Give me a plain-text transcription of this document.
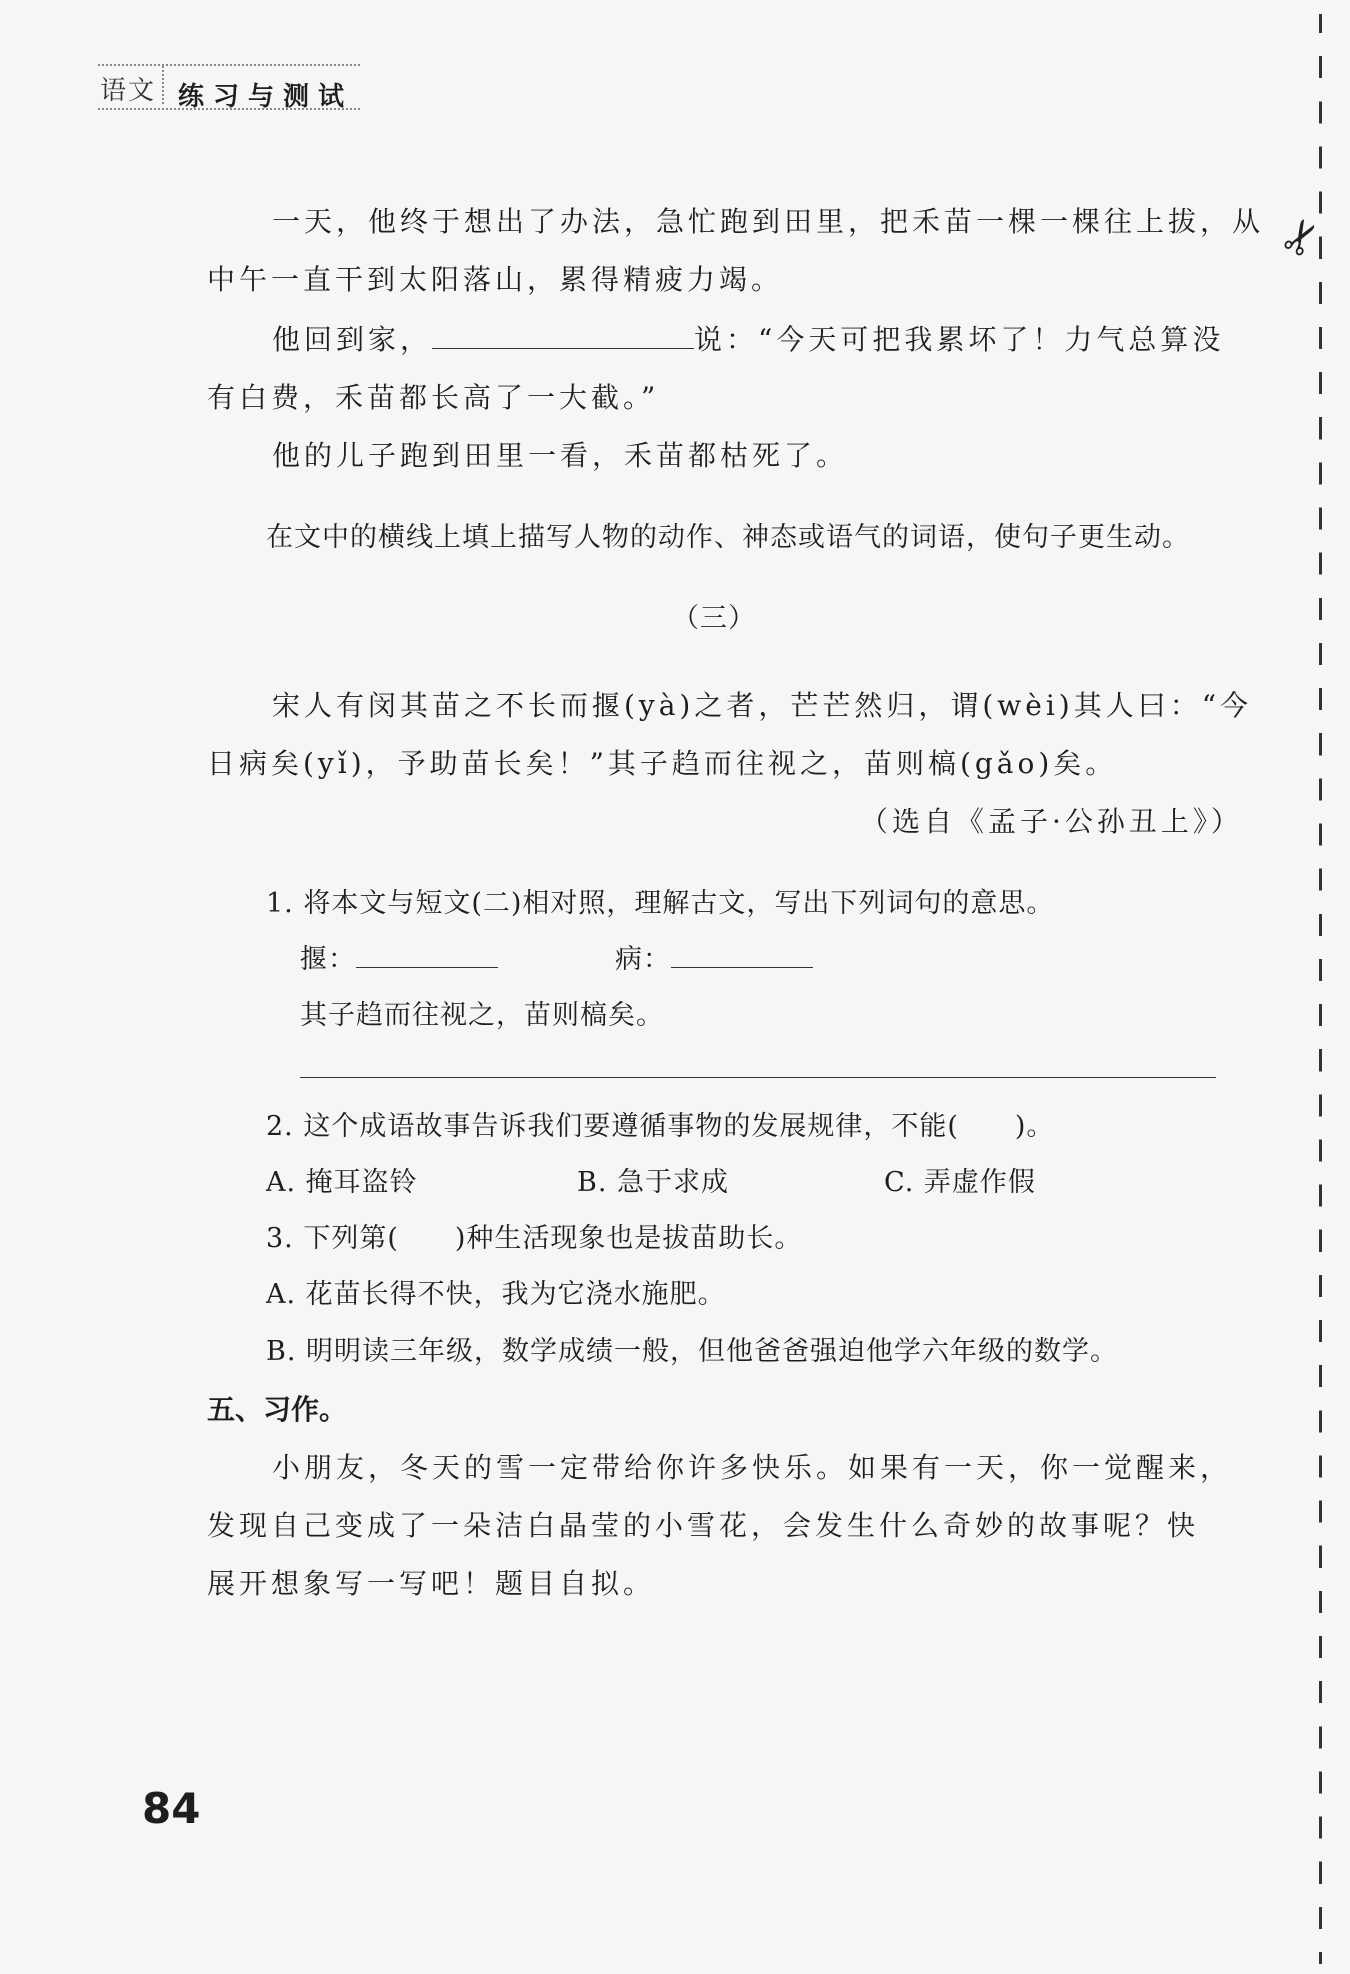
语文 练习与测试
✂
一天，他终于想出了办法，急忙跑到田里，把禾苗一棵一棵往上拔，从
中午一直干到太阳落山，累得精疲力竭。
他回到家，	说：“今天可把我累坏了！力气总算没
有白费，禾苗都长高了一大截。”
他的儿子跑到田里一看，禾苗都枯死了。
在文中的横线上填上描写人物的动作、神态或语气的词语，使句子更生动。
（三）
宋人有闵其苗之不长而揠(yà)之者，芒芒然归，谓(wèi)其人曰：“今
日病矣(yǐ)，予助苗长矣！”其子趋而往视之，苗则槁(gǎo)矣。
（选自《孟子·公孙丑上》）
1. 将本文与短文(二)相对照，理解古文，写出下列词句的意思。
揠：	病：
其子趋而往视之，苗则槁矣。
2. 这个成语故事告诉我们要遵循事物的发展规律，不能(　　)。
A. 掩耳盗铃	B. 急于求成	C. 弄虚作假
3. 下列第(　　)种生活现象也是拔苗助长。
A. 花苗长得不快，我为它浇水施肥。
B. 明明读三年级，数学成绩一般，但他爸爸强迫他学六年级的数学。
五、习作。
小朋友，冬天的雪一定带给你许多快乐。如果有一天，你一觉醒来，
发现自己变成了一朵洁白晶莹的小雪花，会发生什么奇妙的故事呢？快
展开想象写一写吧！题目自拟。
84
